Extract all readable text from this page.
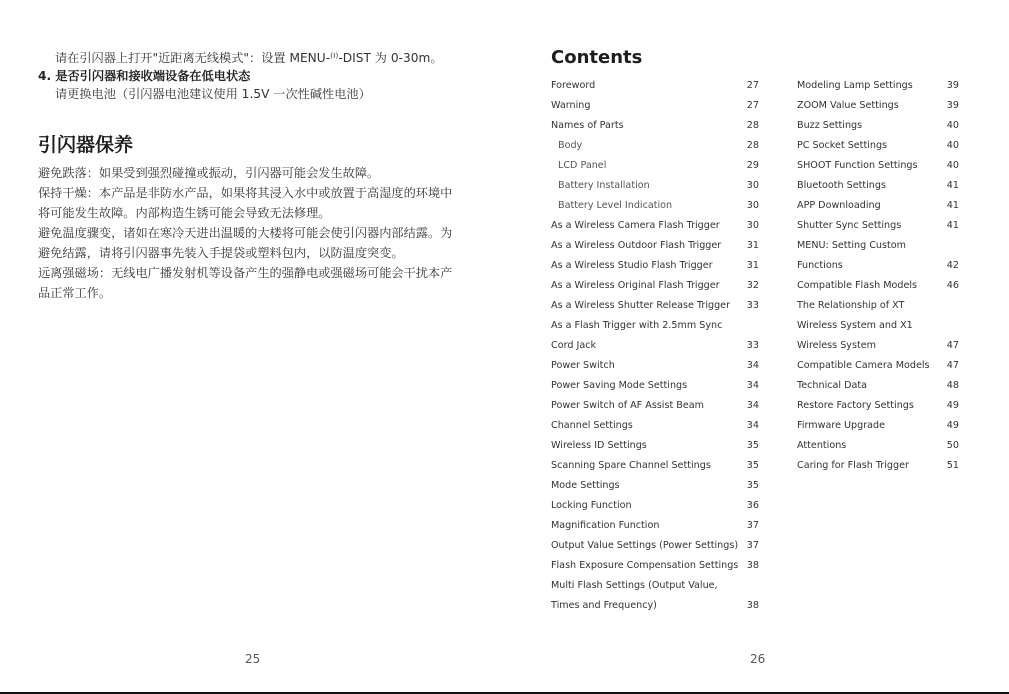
请在引闪器上打开"近距离无线模式"：设置 MENU-⁽ᴵ⁾-DIST 为 0-30m。

4. 是否引闪器和接收端设备在低电状态

请更换电池（引闪器电池建议使用 1.5V 一次性碱性电池）

引闪器保养
避免跌落：如果受到强烈碰撞或振动，引闪器可能会发生故障。
保持干燥：本产品是非防水产品，如果将其浸入水中或放置于高湿度的环境中
将可能发生故障。内部构造生锈可能会导致无法修理。
避免温度骤变，诸如在寒冷天进出温暖的大楼将可能会使引闪器内部结露。为
避免结露，请将引闪器事先装入手提袋或塑料包内，以防温度突变。
远离强磁场：无线电广播发射机等设备产生的强静电或强磁场可能会干扰本产
品正常工作。
25
Contents
Foreword	27
Warning	27
Names of Parts	28
Body	28
LCD Panel	29
Battery Installation	30
Battery Level Indication	30
As a Wireless Camera Flash Trigger	30
As a Wireless Outdoor Flash Trigger	31
As a Wireless Studio Flash Trigger	31
As a Wireless Original Flash Trigger	32
As a Wireless Shutter Release Trigger 33
As a Flash Trigger with 2.5mm Sync
Cord Jack	33
Power Switch	34
Power Saving Mode Settings	34
Power Switch of AF Assist Beam	34
Channel Settings	34
Wireless ID Settings	35
Scanning Spare Channel Settings	35
Mode Settings	35
Locking Function	36
Magnification Function	37
Output Value Settings (Power Settings) 37
Flash Exposure Compensation Settings 38
Multi Flash Settings (Output Value,
Times and Frequency)	38
Modeling Lamp Settings	39
ZOOM Value Settings	39
Buzz Settings	40
PC Socket Settings	40
SHOOT Function Settings	40
Bluetooth Settings	41
APP Downloading	41
Shutter Sync Settings	41
MENU: Setting Custom
Functions	42
Compatible Flash Models	46
The Relationship of XT
Wireless System and X1
Wireless System	47
Compatible Camera Models 47
Technical Data	48
Restore Factory Settings	49
Firmware Upgrade	49
Attentions	50
Caring for Flash Trigger	51
26
